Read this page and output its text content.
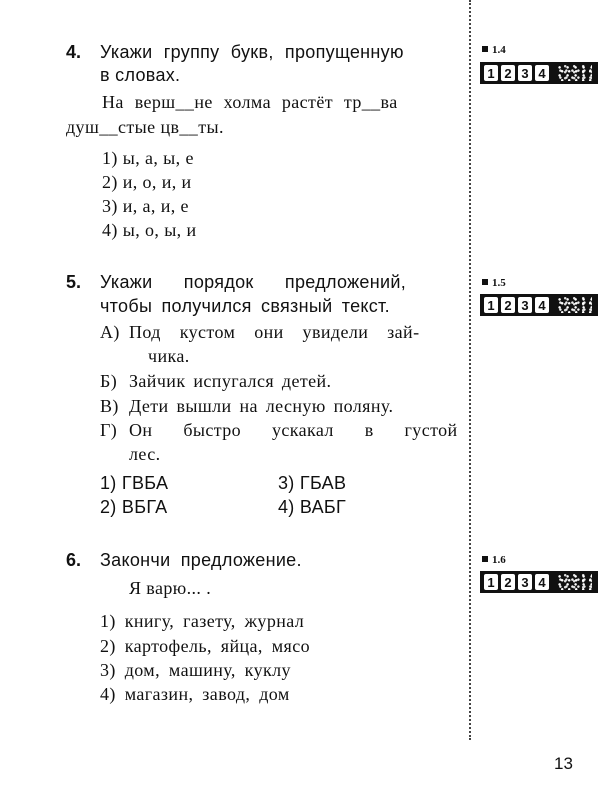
4. Укажи группу букв, пропущенную
в словах.
На верш__не холма растёт тр__ва
душ__стые цв__ты.
1) ы, а, ы, е
2) и, о, и, и
3) и, а, и, е
4) ы, о, ы, и
1.4
1 2 3 4
5. Укажи порядок предложений,
чтобы получился связный текст.
А) Под кустом они увидели зай-
чика.
Б) Зайчик испугался детей.
В) Дети вышли на лесную поляну.
Г) Он быстро ускакал в густой
лес.
1) ГВБА
2) ВБГА
3) ГБАВ
4) ВАБГ
1.5
1 2 3 4
6. Закончи предложение.
Я варю... .
1) книгу, газету, журнал
2) картофель, яйца, мясо
3) дом, машину, куклу
4) магазин, завод, дом
1.6
1 2 3 4
13
